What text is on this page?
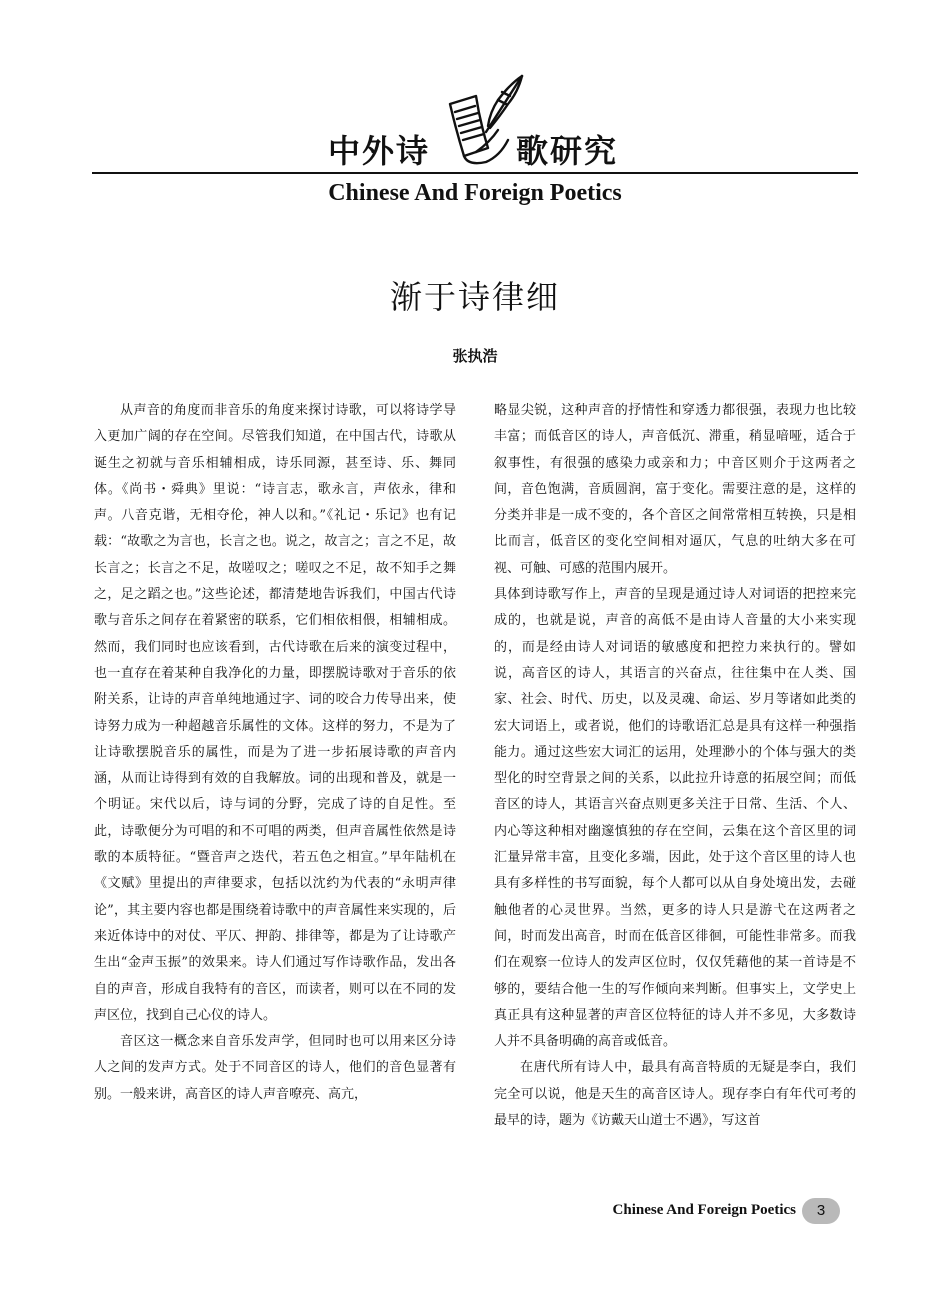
中外诗	歌研究
Chinese And Foreign Poetics
渐于诗律细
张执浩

从声音的角度而非音乐的角度来探讨诗歌，可以将诗学导入更加广阔的存在空间。尽管我们知道，在中国古代，诗歌从诞生之初就与音乐相辅相成，诗乐同源，甚至诗、乐、舞同体。《尚书・舜典》里说：“诗言志，歌永言，声依永，律和声。八音克谐，无相夺伦，神人以和。”《礼记・乐记》也有记载：“故歌之为言也，长言之也。说之，故言之；言之不足，故长言之；长言之不足，故嗟叹之；嗟叹之不足，故不知手之舞之，足之蹈之也。”这些论述，都清楚地告诉我们，中国古代诗歌与音乐之间存在着紧密的联系，它们相依相偎，相辅相成。然而，我们同时也应该看到，古代诗歌在后来的演变过程中，也一直存在着某种自我净化的力量，即摆脱诗歌对于音乐的依附关系，让诗的声音单纯地通过字、词的咬合力传导出来，使诗努力成为一种超越音乐属性的文体。这样的努力，不是为了让诗歌摆脱音乐的属性，而是为了进一步拓展诗歌的声音内涵，从而让诗得到有效的自我解放。词的出现和普及，就是一个明证。宋代以后，诗与词的分野，完成了诗的自足性。至此，诗歌便分为可唱的和不可唱的两类，但声音属性依然是诗歌的本质特征。“暨音声之迭代，若五色之相宣。”早年陆机在《文赋》里提出的声律要求，包括以沈约为代表的“永明声律论”，其主要内容也都是围绕着诗歌中的声音属性来实现的，后来近体诗中的对仗、平仄、押韵、排律等，都是为了让诗歌产生出“金声玉振”的效果来。诗人们通过写作诗歌作品，发出各自的声音，形成自我特有的音区，而读者，则可以在不同的发声区位，找到自己心仪的诗人。

音区这一概念来自音乐发声学，但同时也可以用来区分诗人之间的发声方式。处于不同音区的诗人，他们的音色显著有别。一般来讲，高音区的诗人声音嘹亮、高亢，

略显尖锐，这种声音的抒情性和穿透力都很强，表现力也比较丰富；而低音区的诗人，声音低沉、滞重，稍显喑哑，适合于叙事性，有很强的感染力或亲和力；中音区则介于这两者之间，音色饱满，音质圆润，富于变化。需要注意的是，这样的分类并非是一成不变的，各个音区之间常常相互转换，只是相比而言，低音区的变化空间相对逼仄，气息的吐纳大多在可视、可触、可感的范围内展开。

具体到诗歌写作上，声音的呈现是通过诗人对词语的把控来完成的，也就是说，声音的高低不是由诗人音量的大小来实现的，而是经由诗人对词语的敏感度和把控力来执行的。譬如说，高音区的诗人，其语言的兴奋点，往往集中在人类、国家、社会、时代、历史，以及灵魂、命运、岁月等诸如此类的宏大词语上，或者说，他们的诗歌语汇总是具有这样一种强指能力。通过这些宏大词汇的运用，处理渺小的个体与强大的类型化的时空背景之间的关系，以此拉升诗意的拓展空间；而低音区的诗人，其语言兴奋点则更多关注于日常、生活、个人、内心等这种相对幽邃慎独的存在空间，云集在这个音区里的词汇量异常丰富，且变化多端，因此，处于这个音区里的诗人也具有多样性的书写面貌，每个人都可以从自身处境出发，去碰触他者的心灵世界。当然，更多的诗人只是游弋在这两者之间，时而发出高音，时而在低音区徘徊，可能性非常多。而我们在观察一位诗人的发声区位时，仅仅凭藉他的某一首诗是不够的，要结合他一生的写作倾向来判断。但事实上，文学史上真正具有这种显著的声音区位特征的诗人并不多见，大多数诗人并不具备明确的高音或低音。

在唐代所有诗人中，最具有高音特质的无疑是李白，我们完全可以说，他是天生的高音区诗人。现存李白有年代可考的最早的诗，题为《访戴天山道士不遇》，写这首

Chinese And Foreign Poetics	3
